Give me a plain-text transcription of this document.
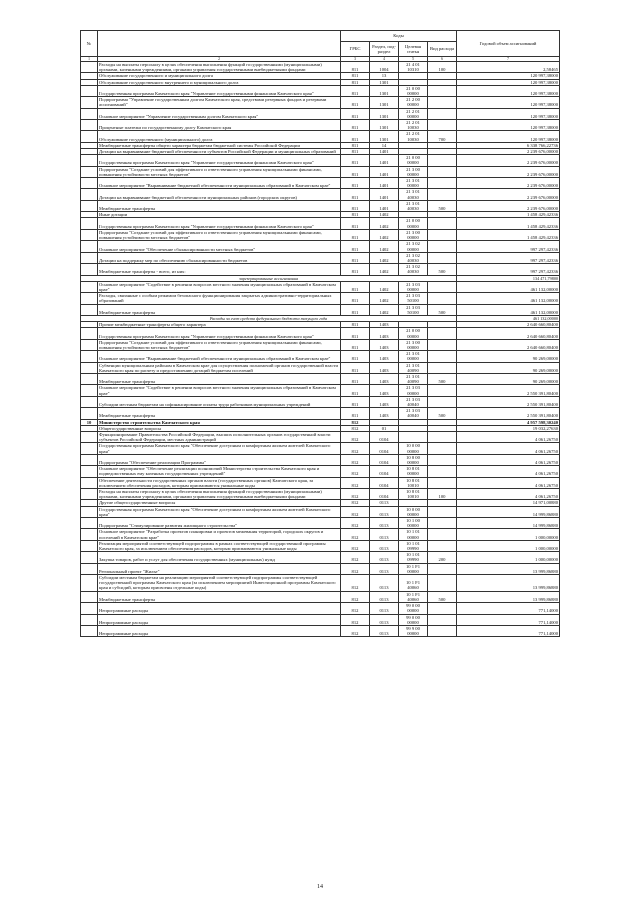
№		Коды				Годовой объем ассигнований
		ГРБС	Раздел, под-раздел	Целевая статья	Вид расхода	
1	2	3	4	5	6	7
	Расходы на выплаты персоналу в целях обеспечения выполнения функций государственными (муниципальными) органами, казенными учреждениями, органами управления государственными внебюджетными фондами	811	1004	21 4 01 10310	100	2,58465
	Обслуживание государственного и муниципального долга	811	13			120 997,38000
	Обслуживание государственного внутреннего и муниципального долга	811	1301			120 997,38000
	Государственная программа Камчатского края "Управление государственными финансами Камчатского края"	811	1301	21 0 00 00000		120 997,38000
	Подпрограмма "Управление государственным долгом Камчатского края, средствами резервных фондов и резервами ассигнований"	811	1301	21 2 00 00000		120 997,38000
	Основное мероприятие "Управление государственным долгом Камчатского края"	811	1301	21 2 01 00000		120 997,38000
	Процентные платежи по государственному долгу Камчатского края	811	1301	21 2 01 10030		120 997,38000
	Обслуживание государственного (муниципального) долга	811	1301	21 2 01 10030	700	120 997,38000
	Межбюджетные трансферты общего характера бюджетам бюджетной системы Российской Федерации	811	14			6 338 766,22736
	Дотации на выравнивание бюджетной обеспеченности субъектов Российской Федерации и муниципальных образований	811	1401			2 239 676,00000
	Государственная программа Камчатского края "Управление государственными финансами Камчатского края"	811	1401	21 0 00 00000		2 239 676,00000
	Подпрограмма "Создание условий для эффективного и ответственного управления муниципальными финансами, повышения устойчивости местных бюджетов"	811	1401	21 3 00 00000		2 239 676,00000
	Основное мероприятие "Выравнивание бюджетной обеспеченности муниципальных образований в Камчатском крае"	811	1401	21 3 01 00000		2 239 676,00000
	Дотации на выравнивание бюджетной обеспеченности муниципальных районов (городских округов)	811	1401	21 3 01 40030		2 239 676,00000
	Межбюджетные трансферты	811	1401	21 3 01 40030	500	2 239 676,00000
	Иные дотации	811	1402			1 458 429,42336
	Государственная программа Камчатского края "Управление государственными финансами Камчатского края"	811	1402	21 0 00 00000		1 458 429,42336
	Подпрограмма "Создание условий для эффективного и ответственного управления муниципальными финансами, повышения устойчивости местных бюджетов"	811	1402	21 3 00 00000		1 458 429,42336
	Основное мероприятие "Обеспечение сбалансированности местных бюджетов"	811	1402	21 3 02 00000		997 297,42336
	Дотации на поддержку мер по обеспечению сбалансированности бюджетов	811	1402	21 3 02 40030		997 297,42336
	Межбюджетные трансферты - всего, из них:	811	1402	21 3 02 40030	500	997 297,42336
зарезервированные ассигнования						134 471,79800
	Основное мероприятие "Содействие в решении вопросов местного значения муниципальных образований в Камчатском крае"	811	1402	21 3 03 00000		461 132,00000
	Расходы, связанные с особым режимом безопасного функционирования закрытых административно-территориальных образований	811	1402	21 3 03 50100		461 132,00000
	Межбюджетные трансферты	811	1402	21 3 03 50100	500	461 132,00000
Расходы за счет средств федерального бюджета текущего года						461 132,00000
	Прочие межбюджетные трансферты общего характера	811	1403			2 640 660,80400
	Государственная программа Камчатского края "Управление государственными финансами Камчатского края"	811	1403	21 0 00 00000		2 640 660,80400
	Подпрограмма "Создание условий для эффективного и ответственного управления муниципальными финансами, повышения устойчивости местных бюджетов"	811	1403	21 3 00 00000		2 640 660,80400
	Основное мероприятие "Выравнивание бюджетной обеспеченности муниципальных образований в Камчатском крае"	811	1403	21 3 01 00000		90 269,00000
	Субвенции муниципальным районам в Камчатском крае для осуществления полномочий органов государственной власти Камчатского края по расчету и предоставлению дотаций бюджетам поселений	811	1403	21 3 01 40090		90 269,00000
	Межбюджетные трансферты	811	1403	21 3 01 40090	500	90 269,00000
	Основное мероприятие "Содействие в решении вопросов местного значения муниципальных образований в Камчатском крае"	811	1403	21 3 03 00000		2 550 391,80400
	Субсидии местным бюджетам на софинансирование оплаты труда работников муниципальных учреждений	811	1403	21 3 03 40040		2 550 391,80400
	Межбюджетные трансферты	811	1403	21 3 03 40040	500	2 550 391,80400
10	Министерство строительства Камчатского края	812				4 957 598,30240
	Общегосударственные вопросы	812	01			19 032,27630
	Функционирование Правительства Российской Федерации, высших исполнительных органов государственной власти субъектов Российской Федерации, местных администраций	812	0104			4 061,26750
	Государственная программа Камчатского края "Обеспечение доступным и комфортным жильем жителей Камчатского края"	812	0104	10 0 00 00000		4 061,26750
	Подпрограмма "Обеспечение реализации Программы"	812	0104	10 8 00 00000		4 061,26750
	Основное мероприятие "Обеспечение реализации полномочий Министерства строительства Камчатского края и подведомственных ему казенных государственных учреждений"	812	0104	10 8 01 00000		4 061,26750
	Обеспечение деятельности государственных органов власти (государственных органов) Камчатского края, за исключением обеспечения расходов, которым присваиваются уникальные коды	812	0104	10 8 01 10010		4 061,26750
	Расходы на выплаты персоналу в целях обеспечения выполнения функций государственными (муниципальными) органами, казенными учреждениями, органами управления государственными внебюджетными фондами	812	0104	10 8 01 10010	100	4 061,26750
	Другие общегосударственные вопросы	812	0113			14 971,00880
	Государственная программа Камчатского края "Обеспечение доступным и комфортным жильем жителей Камчатского края"	812	0113	10 0 00 00000		14 999,86880
	Подпрограмма "Стимулирование развития жилищного строительства"	812	0113	10 1 00 00000		14 999,86880
	Основное мероприятие "Разработка проектов планировки и проектов межевания территорий, городских округов и поселений в Камчатском крае"	812	0113	10 1 01 00000		1 000,00000
	Реализация мероприятий соответствующей подпрограммы в рамках соответствующей государственной программы Камчатского края, за исключением обеспечения расходов, которым присваиваются уникальные коды	812	0113	10 1 01 09990		1 000,00000
	Закупка товаров, работ и услуг для обеспечения государственных (муниципальных) нужд	812	0113	10 1 01 09990	200	1 000,00000
	Региональный проект "Жилье"	812	0113	10 1 F1 00000		13 999,86880
	Субсидии местным бюджетам на реализацию мероприятий соответствующей подпрограммы соответствующей государственной программы Камчатского края (за исключением мероприятий Инвестиционной программы Камчатского края и субсидий, которым присвоены отдельные коды)	812	0113	10 1 F1 40060		13 999,86880
	Межбюджетные трансферты	812	0113	10 1 F1 40060	500	13 999,86880
	Непрограммные расходы	812	0113	99 0 00 00000		771,14000
	Непрограммные расходы	812	0113	99 0 00 00000		771,14000
	Непрограммные расходы	812	0113	99 9 00 00000		771,14000
14
